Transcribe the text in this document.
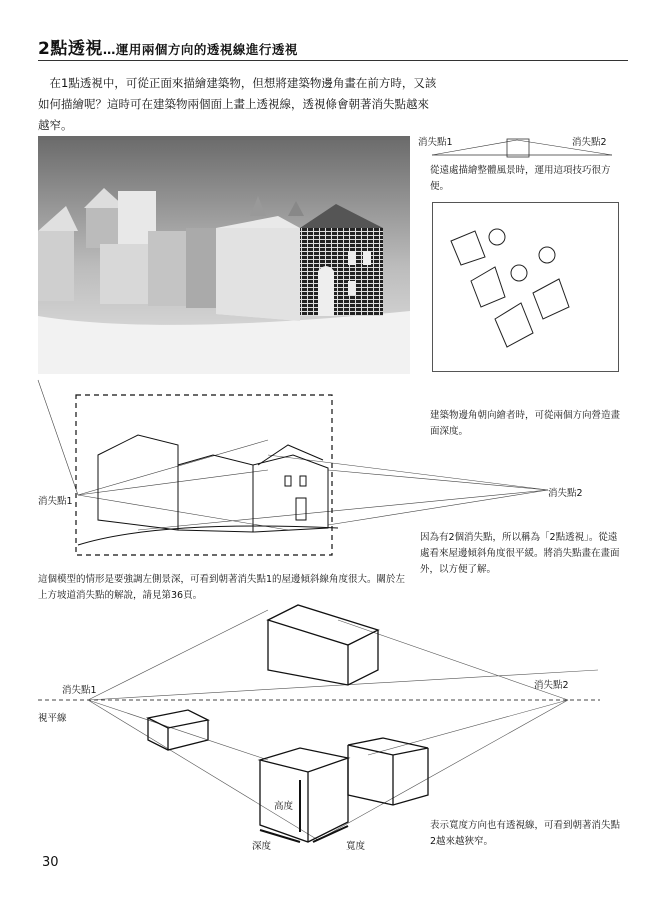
2點透視…運用兩個方向的透視線進行透視
在1點透視中，可從正面來描繪建築物，但想將建築物邊角畫在前方時，又該如何描繪呢？這時可在建築物兩個面上畫上透視線，透視條會朝著消失點越來越窄。
消失點1	消失點2
從遠處描繪整體風景時，運用這項技巧很方便。
消失點1
消失點2
建築物邊角朝向繪者時，可從兩個方向營造畫面深度。
因為有2個消失點，所以稱為「2點透視」。從遠處看來屋邊傾斜角度很平緩。將消失點畫在畫面外，以方便了解。
這個模型的情形是要強調左側景深，可看到朝著消失點1的屋邊傾斜線角度很大。關於左上方坡道消失點的解說，請見第36頁。
消失點1	消失點2
視平線
高度
深度	寬度
表示寬度方向也有透視線，可看到朝著消失點2越來越狹窄。
30
